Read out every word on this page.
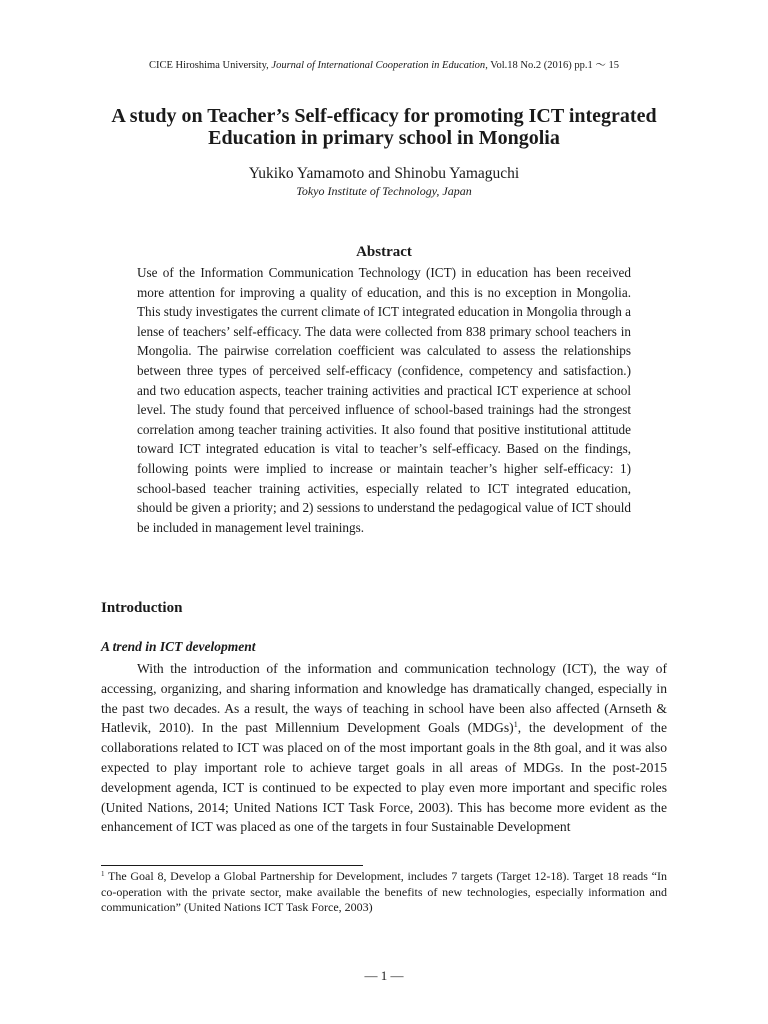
CICE Hiroshima University, Journal of International Cooperation in Education, Vol.18 No.2 (2016) pp.1 ～ 15
A study on Teacher’s Self-efficacy for promoting ICT integrated Education in primary school in Mongolia
Yukiko Yamamoto and Shinobu Yamaguchi
Tokyo Institute of Technology, Japan
Abstract
Use of the Information Communication Technology (ICT) in education has been received more attention for improving a quality of education, and this is no exception in Mongolia. This study investigates the current climate of ICT integrated education in Mongolia through a lense of teachers’ self-efficacy. The data were collected from 838 primary school teachers in Mongolia. The pairwise correlation coefficient was calculated to assess the relationships between three types of perceived self-efficacy (confidence, competency and satisfaction.) and two education aspects, teacher training activities and practical ICT experience at school level. The study found that perceived influence of school-based trainings had the strongest correlation among teacher training activities. It also found that positive institutional attitude toward ICT integrated education is vital to teacher’s self-efficacy. Based on the findings, following points were implied to increase or maintain teacher’s higher self-efficacy: 1) school-based teacher training activities, especially related to ICT integrated education, should be given a priority; and 2) sessions to understand the pedagogical value of ICT should be included in management level trainings.
Introduction
A trend in ICT development
With the introduction of the information and communication technology (ICT), the way of accessing, organizing, and sharing information and knowledge has dramatically changed, especially in the past two decades. As a result, the ways of teaching in school have been also affected (Arnseth & Hatlevik, 2010). In the past Millennium Development Goals (MDGs)$^1$, the development of the collaborations related to ICT was placed on of the most important goals in the 8th goal, and it was also expected to play important role to achieve target goals in all areas of MDGs. In the post-2015 development agenda, ICT is continued to be expected to play even more important and specific roles (United Nations, 2014; United Nations ICT Task Force, 2003). This has become more evident as the enhancement of ICT was placed as one of the targets in four Sustainable Development
$^1$ The Goal 8, Develop a Global Partnership for Development, includes 7 targets (Target 12-18). Target 18 reads “In co-operation with the private sector, make available the benefits of new technologies, especially information and communication” (United Nations ICT Task Force, 2003)
— 1 —
